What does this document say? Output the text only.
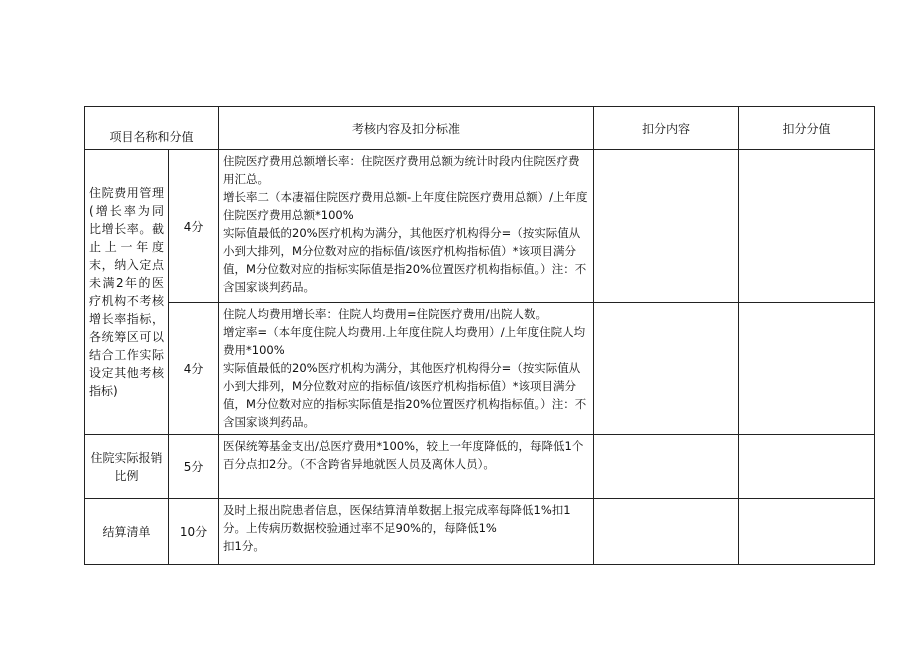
项目名称和分值		考核内容及扣分标准	扣分内容	扣分分值
住院费用管理(增长率为同比增长率。截止上一年度末，纳入定点未满2年的医疗机构不考核增长率指标，各统筹区可以结合工作实际设定其他考核指标)	4分	住院医疗费用总额增长率：住院医疗费用总额为统计时段内住院医疗费用汇总。

增长率二（本凄福住院医疗费用总额-上年度住院医疗费用总额）/上年度住院医疗费用总额*100%

实际值最低的20%医疗机构为满分，其他医疗机构得分=（按实际值从小到大排列，M分位数对应的指标值/该医疗机构指标值）*该项目满分值，M分位数对应的指标实际值是指20%位置医疗机构指标值。）注：不含国家谈判药品。		

	4分	住院人均费用增长率：住院人均费用=住院医疗费用/出院人数。

增定率=（本年度住院人均费用.上年度住院人均费用）/上年度住院人均费用*100%

实际值最低的20%医疗机构为满分，其他医疗机构得分=（按实际值从小到大排列，M分位数对应的指标值/该医疗机构指标值）*该项目满分值，M分位数对应的指标实际值是指20%位置医疗机构指标值。）注：不含国家谈判药品。		

住院实际报销比例	5分	医保统筹基金支出/总医疗费用*100%，较上一年度降低的，每降低1个百分点扣2分。（不含跨省异地就医人员及离休人员）。		

结算清单	10分	及时上报出院患者信息，医保结算清单数据上报完成率每降低1%扣1分。上传病历数据校验通过率不足90%的，每降低1%

扣1分。		
